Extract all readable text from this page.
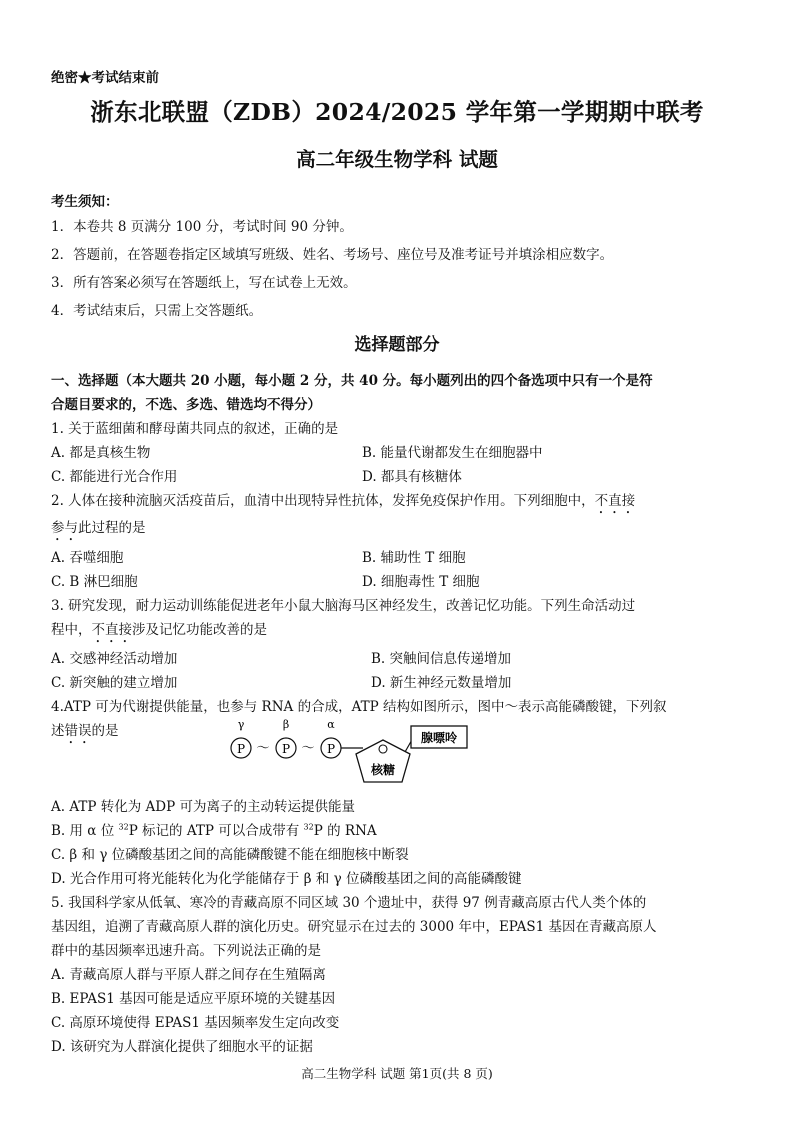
绝密★考试结束前
浙东北联盟（ZDB）2024/2025 学年第一学期期中联考
高二年级生物学科 试题
考生须知：
1．本卷共 8 页满分 100 分，考试时间 90 分钟。
2．答题前，在答题卷指定区域填写班级、姓名、考场号、座位号及准考证号并填涂相应数字。
3．所有答案必须写在答题纸上，写在试卷上无效。
4．考试结束后，只需上交答题纸。
选择题部分
一、选择题（本大题共 20 小题，每小题 2 分，共 40 分。每小题列出的四个备选项中只有一个是符
合题目要求的，不选、多选、错选均不得分）
1. 关于蓝细菌和酵母菌共同点的叙述，正确的是
A. 都是真核生物	B. 能量代谢都发生在细胞器中
C. 都能进行光合作用	D. 都具有核糖体
2. 人体在接种流脑灭活疫苗后，血清中出现特异性抗体，发挥免疫保护作用。下列细胞中，不直接
参与此过程的是
A. 吞噬细胞	B. 辅助性 T 细胞
C. B 淋巴细胞	D. 细胞毒性 T 细胞
3. 研究发现，耐力运动训练能促进老年小鼠大脑海马区神经发生，改善记忆功能。下列生命活动过
程中，不直接涉及记忆功能改善的是
A. 交感神经活动增加	B. 突触间信息传递增加
C. 新突触的建立增加	D. 新生神经元数量增加
4.ATP 可为代谢提供能量，也参与 RNA 的合成，ATP 结构如图所示，图中～表示高能磷酸键，下列叙
述错误的是	γ	β	α
P ～ P ～ P
核糖
腺嘌呤
A. ATP 转化为 ADP 可为离子的主动转运提供能量
B. 用 α 位 $^{32}$P 标记的 ATP 可以合成带有 $^{32}$P 的 RNA
C. β 和 γ 位磷酸基团之间的高能磷酸键不能在细胞核中断裂
D. 光合作用可将光能转化为化学能储存于 β 和 γ 位磷酸基团之间的高能磷酸键
5. 我国科学家从低氧、寒冷的青藏高原不同区域 30 个遗址中，获得 97 例青藏高原古代人类个体的
基因组，追溯了青藏高原人群的演化历史。研究显示在过去的 3000 年中，EPAS1 基因在青藏高原人
群中的基因频率迅速升高。下列说法正确的是
A. 青藏高原人群与平原人群之间存在生殖隔离
B. EPAS1 基因可能是适应平原环境的关键基因
C. 高原环境使得 EPAS1 基因频率发生定向改变
D. 该研究为人群演化提供了细胞水平的证据
高二生物学科 试题 第1页(共 8 页)
